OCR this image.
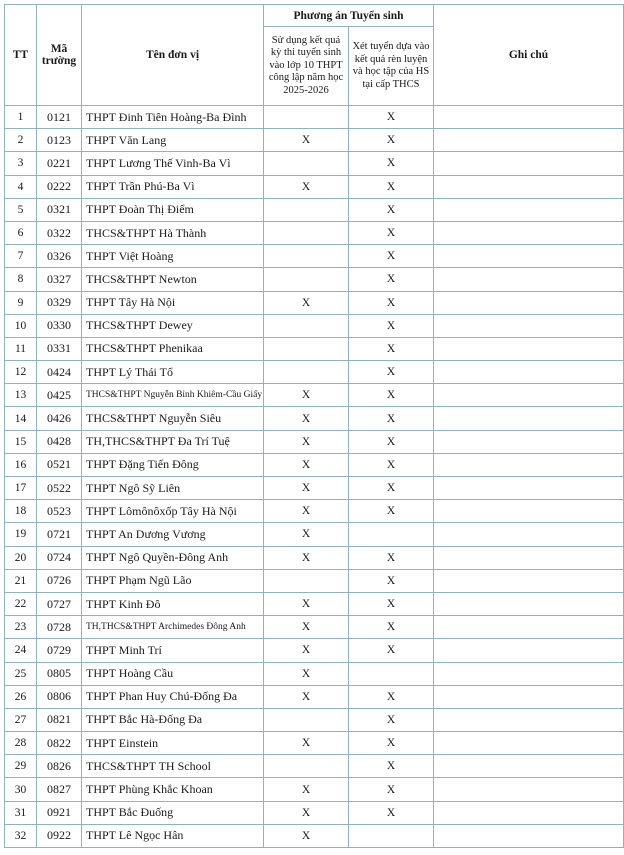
TT	Mã trường	Tên đơn vị	Phương án Tuyển sinh		Ghi chú
			Sử dụng kết quả kỳ thi tuyển sinh vào lớp 10 THPT công lập năm học 2025-2026	Xét tuyển dựa vào kết quả rèn luyện và học tập của HS tại cấp THCS	
1	0121	THPT Đinh Tiên Hoàng-Ba Đình		X	
2	0123	THPT Văn Lang	X	X	
3	0221	THPT Lương Thế Vinh-Ba Vì		X	
4	0222	THPT Trần Phú-Ba Vì	X	X	
5	0321	THPT Đoàn Thị Điểm		X	
6	0322	THCS&THPT Hà Thành		X	
7	0326	THPT Việt Hoàng		X	
8	0327	THCS&THPT Newton		X	
9	0329	THPT Tây Hà Nội	X	X	
10	0330	THCS&THPT Dewey		X	
11	0331	THCS&THPT Phenikaa		X	
12	0424	THPT Lý Thái Tổ		X	
13	0425	THCS&THPT Nguyễn Bỉnh Khiêm-Cầu Giấy	X	X	
14	0426	THCS&THPT Nguyễn Siêu	X	X	
15	0428	TH,THCS&THPT Đa Trí Tuệ	X	X	
16	0521	THPT Đặng Tiến Đông	X	X	
17	0522	THPT Ngô Sỹ Liên	X	X	
18	0523	THPT Lômônôxốp Tây Hà Nội	X	X	
19	0721	THPT An Dương Vương	X		
20	0724	THPT Ngô Quyền-Đông Anh	X	X	
21	0726	THPT Phạm Ngũ Lão		X	
22	0727	THPT Kinh Đô	X	X	
23	0728	TH,THCS&THPT Archimedes Đông Anh	X	X	
24	0729	THPT Minh Trí	X	X	
25	0805	THPT Hoàng Cầu	X		
26	0806	THPT Phan Huy Chú-Đống Đa	X	X	
27	0821	THPT Bắc Hà-Đống Đa		X	
28	0822	THPT Einstein	X	X	
29	0826	THCS&THPT TH School		X	
30	0827	THPT Phùng Khắc Khoan	X	X	
31	0921	THPT Bắc Đuống	X	X	
32	0922	THPT Lê Ngọc Hân	X		
